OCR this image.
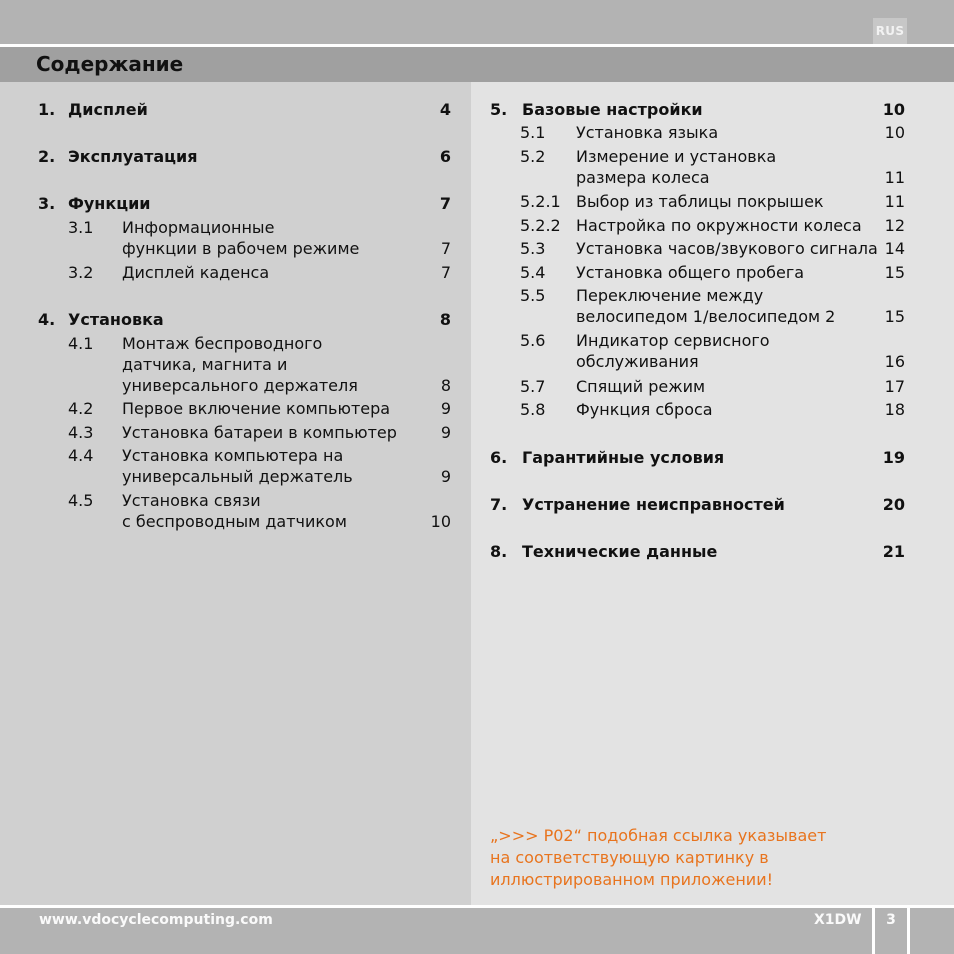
RUS
Содержание
1. Дисплей	4
2. Эксплуатация	6
3. Функции	7
3.1 Информационные
функции в рабочем режиме	7
3.2 Дисплей каденса	7
4. Установка	8
4.1 Монтаж беспроводного
датчика, магнита и
универсального держателя	8
4.2 Первое включение компьютера	9
4.3 Установка батареи в компьютер	9
4.4 Установка компьютера на
универсальный держатель	9
4.5 Установка связи
с беспроводным датчиком	10
5. Базовые настройки	10
5.1 Установка языка	10
5.2 Измерение и установка
размера колеса	11
5.2.1 Выбор из таблицы покрышек	11
5.2.2 Настройка по окружности колеса 12
5.3 Установка часов/звукового сигнала 14
5.4 Установка общего пробега	15
5.5 Переключение между
велосипедом 1/велосипедом 2	15
5.6 Индикатор сервисного
обслуживания	16
5.7 Спящий режим	17
5.8 Функция сброса	18
6. Гарантийные условия	19
7. Устранение неисправностей	20
8. Технические данные	21
„>>> P02“ подобная ссылка указывает
на соответствующую картинку в
иллюстрированном приложении!
www.vdocyclecomputing.com	X1DW	3
